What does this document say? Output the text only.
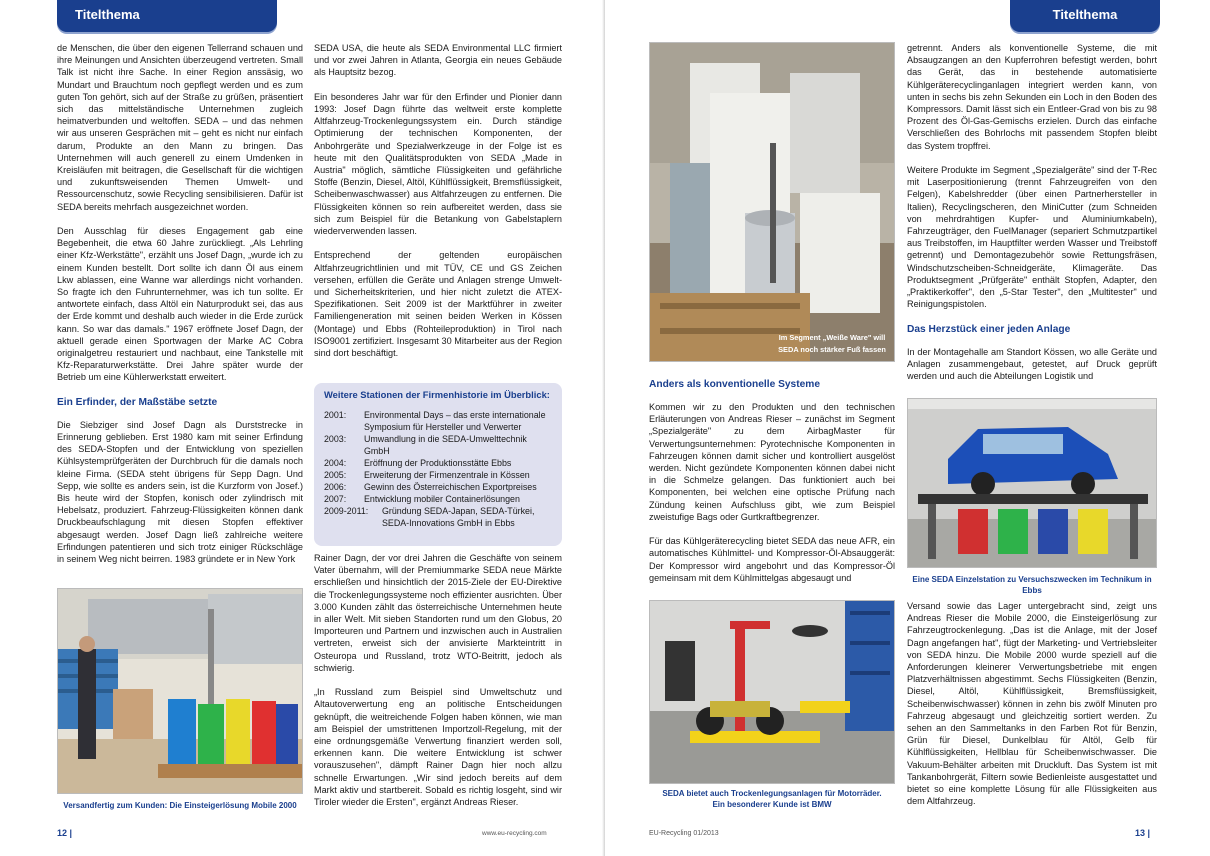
Titelthema

de Menschen, die über den eigenen Tellerrand schauen und ihre Meinungen und Ansichten überzeugend vertreten. Small Talk ist nicht ihre Sache. In einer Region anssäsig, wo Mundart und Brauchtum noch gepflegt werden und es zum guten Ton gehört, sich auf der Straße zu grüßen, präsentiert sich das mittelständische Unternehmen zugleich heimatverbunden und weltoffen. SEDA – und das nehmen wir aus unseren Gesprächen mit – geht es nicht nur einfach darum, Produkte an den Mann zu bringen. Das Unternehmen will auch generell zu einem Umdenken in Kreisläufen mit beitragen, die Gesellschaft für die wichtigen und zukunftsweisenden Themen Umwelt- und Ressourcenschutz, sowie Recycling sensibilisieren. Dafür ist SEDA bereits mehrfach ausgezeichnet worden.

Den Ausschlag für dieses Engagement gab eine Begebenheit, die etwa 60 Jahre zurückliegt. „Als Lehrling einer Kfz-Werkstätte", erzählt uns Josef Dagn, „wurde ich zu einem Kunden bestellt. Dort sollte ich dann Öl aus einem Lkw ablassen, eine Wanne war allerdings nicht vorhanden. So fragte ich den Fuhrunternehmer, was ich tun sollte. Er antwortete einfach, dass Altöl ein Naturprodukt sei, das aus der Erde kommt und deshalb auch wieder in die Erde zurück kann. So war das damals." 1967 eröffnete Josef Dagn, der aktuell gerade einen Sportwagen der Marke AC Cobra originalgetreu restauriert und nachbaut, eine Tankstelle mit Kfz-Reparaturwerkstätte. Drei Jahre später wurde der Betrieb um eine Kühlerwerkstatt erweitert.

Ein Erfinder, der Maßstäbe setzte

Die Siebziger sind Josef Dagn als Durststrecke in Erinnerung geblieben. Erst 1980 kam mit seiner Erfindung des SEDA-Stopfen und der Entwicklung von speziellen Kühlsystemprüfgeräten der Durchbruch für die damals noch kleine Firma. (SEDA steht übrigens für Sepp Dagn. Und Sepp, wie sollte es anders sein, ist die Kurzform von Josef.) Bis heute wird der Stopfen, konisch oder zylindrisch mit Hebelsatz, produziert. Fahrzeug-Flüssigkeiten können dank Druckbeaufschlagung mit diesen Stopfen effektiver abgesaugt werden. Josef Dagn ließ zahlreiche weitere Erfindungen patentieren und sich trotz einiger Rückschläge in seinem Weg nicht beirren. 1983 gründete er in New York

Versandfertig zum Kunden: Die Einsteigerlösung Mobile 2000

SEDA USA, die heute als SEDA Environmental LLC firmiert und vor zwei Jahren in Atlanta, Georgia ein neues Gebäude als Hauptsitz bezog.

Ein besonderes Jahr war für den Erfinder und Pionier dann 1993: Josef Dagn führte das weltweit erste komplette Altfahrzeug-Trockenlegungssystem ein. Durch ständige Optimierung der technischen Komponenten, der Anbohrgeräte und Spezialwerkzeuge in der Folge ist es heute mit den Qualitätsprodukten von SEDA „Made in Austria" möglich, sämtliche Flüssigkeiten und gefährliche Stoffe (Benzin, Diesel, Altöl, Kühlflüssigkeit, Bremsflüssigkeit, Scheibenwaschwasser) aus Altfahrzeugen zu entfernen. Die Flüssigkeiten können so rein aufbereitet werden, dass sie sich zum Beispiel für die Betankung von Gabelstaplern wiederverwenden lassen.

Entsprechend der geltenden europäischen Altfahrzeugrichtlinien und mit TÜV, CE und GS Zeichen versehen, erfüllen die Geräte und Anlagen strenge Umwelt- und Sicherheitskriterien, und hier nicht zuletzt die ATEX-Spezifikationen. Seit 2009 ist der Marktführer in zweiter Familiengeneration mit seinen beiden Werken in Kössen (Montage) und Ebbs (Rohteileproduktion) in Tirol nach ISO9001 zertifiziert. Insgesamt 30 Mitarbeiter aus der Region sind dort beschäftigt.

Weitere Stationen der Firmenhistorie im Überblick:
2001:	Environmental Days – das erste internationale Symposium für Hersteller und Verwerter
2003:	Umwandlung in die SEDA-Umwelttechnik GmbH
2004:	Eröffnung der Produktionsstätte Ebbs
2005:	Erweiterung der Firmenzentrale in Kössen
2006:	Gewinn des Österreichischen Exportpreises
2007:	Entwicklung mobiler Containerlösungen
2009-2011:	Gründung SEDA-Japan, SEDA-Türkei, SEDA-Innovations GmbH in Ebbs

Rainer Dagn, der vor drei Jahren die Geschäfte von seinem Vater übernahm, will der Premiummarke SEDA neue Märkte erschließen und hinsichtlich der 2015-Ziele der EU-Direktive die Trockenlegungssysteme noch effizienter ausrichten. Über 3.000 Kunden zählt das österreichische Unternehmen heute in aller Welt. Mit sieben Standorten rund um den Globus, 20 Importeuren und Partnern und inzwischen auch in Australien vertreten, erweist sich der anvisierte Markteintritt in Osteuropa und Russland, trotz WTO-Beitritt, jedoch als schwierig.

„In Russland zum Beispiel sind Umweltschutz und Altautoverwertung eng an politische Entscheidungen geknüpft, die weitreichende Folgen haben können, wie man am Beispiel der umstrittenen Importzoll-Regelung, mit der eine ordnungsgemäße Verwertung finanziert werden soll, erkennen kann. Die weitere Entwicklung ist schwer vorauszusehen", dämpft Rainer Dagn hier noch allzu schnelle Erwartungen. „Wir sind jedoch bereits auf dem Markt aktiv und startbereit. Sobald es richtig losgeht, sind wir Tiroler wieder die Ersten", ergänzt Andreas Rieser.

12 |	www.eu-recycling.com
Titelthema
Im Segment „Weiße Ware" will
SEDA noch stärker Fuß fassen
Anders als konventionelle Systeme

Kommen wir zu den Produkten und den technischen Erläuterungen von Andreas Rieser – zunächst im Segment „Spezialgeräte" zu dem AirbagMaster für Verwertungsunternehmen: Pyrotechnische Komponenten in Fahrzeugen können damit sicher und kontrolliert ausgelöst werden. Nicht gezündete Komponenten können dabei nicht in die Schmelze gelangen. Das funktioniert auch bei Komponenten, bei welchen eine optische Prüfung nach Zündung keinen Aufschluss gibt, wie zum Beispiel zweistufige Bags oder Gurtkraftbegrenzer.

Für das Kühlgeräterecycling bietet SEDA das neue AFR, ein automatisches Kühlmittel- und Kompressor-Öl-Absauggerät: Der Kompressor wird angebohrt und das Kompressor-Öl gemeinsam mit dem Kühlmittelgas abgesaugt und

SEDA bietet auch Trockenlegungsanlagen für Motorräder.
Ein besonderer Kunde ist BMW

getrennt. Anders als konventionelle Systeme, die mit Absaugzangen an den Kupferrohren befestigt werden, bohrt das Gerät, das in bestehende automatisierte Kühlgeräterecyclinganlagen integriert werden kann, von unten in sechs bis zehn Sekunden ein Loch in den Boden des Kompressors. Damit lässt sich ein Entleer-Grad von bis zu 98 Prozent des Öl-Gas-Gemischs erzielen. Durch das einfache Verschließen des Bohrlochs mit passendem Stopfen bleibt das System tropffrei.

Weitere Produkte im Segment „Spezialgeräte" sind der T-Rec mit Laserpositionierung (trennt Fahrzeugreifen von den Felgen), Kabelshredder (über einen Partnerhersteller in Italien), Recyclingscheren, den MiniCutter (zum Schneiden von mehrdrahtigen Kupfer- und Aluminiumkabeln), Fahrzeugträger, den FuelManager (separiert Schmutzpartikel aus Treibstoffen, im Hauptfilter werden Wasser und Treibstoff getrennt) und Demontagezubehör sowie Rettungsfräsen, Windschutzscheiben-Schneidgeräte, Klimageräte. Das Produktsegment „Prüfgeräte" enthält Stopfen, Adapter, den „Praktikerkoffer", den „5-Star Tester", den „Multitester" und Reinigungspistolen.

Das Herzstück einer jeden Anlage

In der Montagehalle am Standort Kössen, wo alle Geräte und Anlagen zusammengebaut, getestet, auf Druck geprüft werden und auch die Abteilungen Logistik und

Eine SEDA Einzelstation zu Versuchszwecken im Technikum in Ebbs

Versand sowie das Lager untergebracht sind, zeigt uns Andreas Rieser die Mobile 2000, die Einsteigerlösung zur Fahrzeugtrockenlegung. „Das ist die Anlage, mit der Josef Dagn angefangen hat", fügt der Marketing- und Vertriebsleiter von SEDA hinzu. Die Mobile 2000 wurde speziell auf die Anforderungen kleinerer Verwertungsbetriebe mit engen Platzverhältnissen abgestimmt. Sechs Flüssigkeiten (Benzin, Diesel, Altöl, Kühlflüssigkeit, Bremsflüssigkeit, Scheibenwischwasser) können in zehn bis zwölf Minuten pro Fahrzeug abgesaugt und gleichzeitig sortiert werden. Zu sehen an den Sammeltanks in den Farben Rot für Benzin, Grün für Diesel, Dunkelblau für Altöl, Gelb für Kühlflüssigkeiten, Hellblau für Scheibenwischwasser. Die Vakuum-Behälter arbeiten mit Druckluft. Das System ist mit Tankanbohrgerät, Filtern sowie Bedienleiste ausgestattet und bietet so eine komplette Lösung für alle Flüssigkeiten aus dem Altfahrzeug.

EU-Recycling 01/2013	13 |
